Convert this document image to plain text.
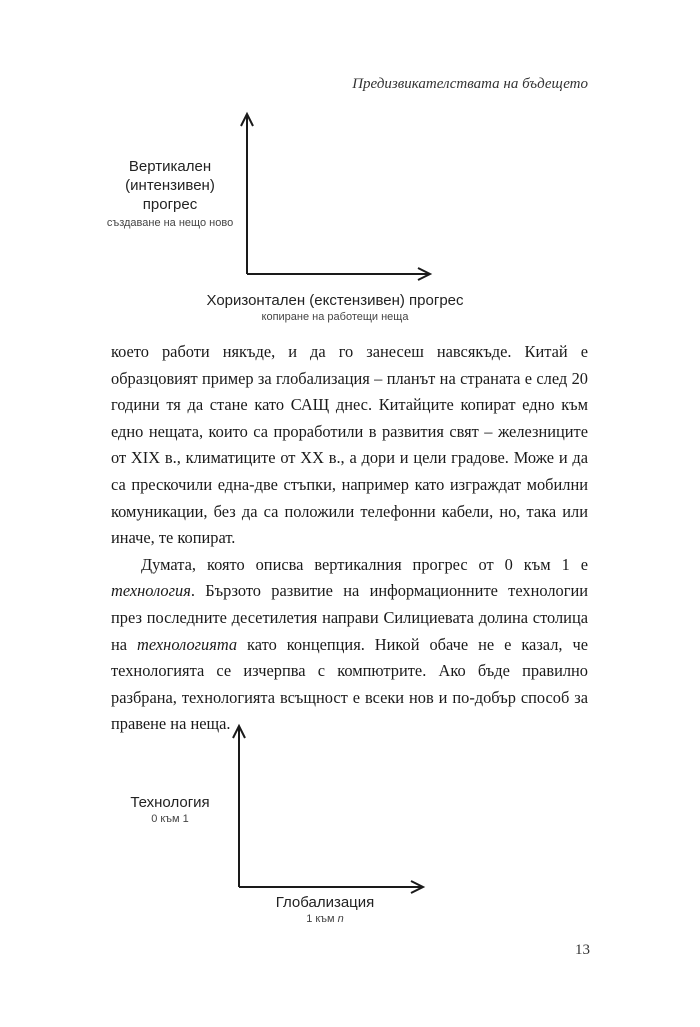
Предизвикателствата на бъдещето
Вертикален
(интензивен)
прогрес
създаване на нещо ново
Хоризонтален (екстензивен) прогрес
копиране на работещи неща

което работи някъде, и да го занесеш навсякъде. Китай е образцовият пример за глобализация – планът на страната е след 20 години тя да стане като САЩ днес. Китайците копират едно към едно нещата, които са проработили в развития свят – железниците от XIX в., климатиците от XX в., а дори и цели градове. Може и да са прескочили една-две стъпки, например като изграждат мобилни комуникации, без да са положили телефонни кабели, но, така или иначе, те копират.

Думата, която описва вертикалния прогрес от 0 към 1 е технология. Бързото развитие на информационните технологии през последните десетилетия направи Силициевата долина столица на технологията като концепция. Никой обаче не е казал, че технологията се изчерпва с компютрите. Ако бъде правилно разбрана, технологията всъщност е всеки нов и по-добър способ за правене на неща.

Технология
0 към 1
Глобализация
1 към n
13
